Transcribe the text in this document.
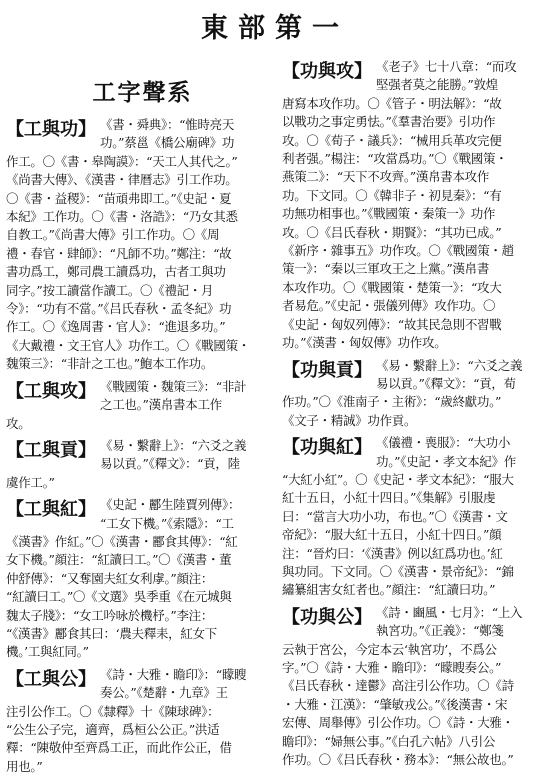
東部第一
工字聲系
【工與功】 《書・舜典》：“惟時亮天
功。”蔡邕《橋公廟碑》功
作工。〇《書・皋陶謨》：“天工人其代之。”
《尚書大傳》、《漢書・律曆志》引工作功。
〇《書・益稷》：“苗頑弗即工。”《史記・夏
本紀》工作功。〇《書・洛誥》：“乃女其悉
自教工。”《尚書大傳》引工作功。〇《周
禮・春官・肆師》：“凡師不功。”鄭注：“故
書功爲工，鄭司農工讀爲功，古者工與功
同字。”按工讀當作讀工。〇《禮記・月
令》：“功有不當。”《吕氏春秋・孟冬紀》功
作工。〇《逸周書・官人》：“進退多功。”
《大戴禮・文王官人》功作工。〇《戰國策・
魏策三》：“非計之工也。”鮑本工作功。
【工與攻】 《戰國策・魏策三》：“非計
之工也。”漢帛書本工作
攻。
【工與貢】 《易・繫辭上》：“六爻之義
易以貢。”《釋文》：“貢，陸
虞作工。”
【工與紅】 《史記・酈生陸賈列傳》：
“工女下機。”《索隱》：“工
《漢書》作紅。”〇《漢書・酈食其傳》：“紅
女下機。”顔注：“紅讀曰工。”〇《漢書・董
仲舒傳》：“又奪園夫紅女利虖。”顔注：
“紅讀曰工。”〇《文選》吳季重《在元城與
魏太子牋》：“女工吟咏於機杼。”李注：
“《漢書》酈食其曰：‘農夫釋耒，紅女下
機。’工與紅同。”
【工與公】 《詩・大雅・瞻印》：“矇瞍
奏公。”《楚辭・九章》王
注引公作工。〇《隸釋》十《陳球碑》：
“公生公子完，適齊，爲桓公公正。”洪适
釋：“陳敬仲至齊爲工正，而此作公正，借
用也。”
【功與攻】 《老子》七十八章：“而攻
堅强者莫之能勝。”敦煌
唐寫本攻作功。〇《管子・明法解》：“故
以戰功之事定勇怯。”《羣書治要》引功作
攻。〇《荀子・議兵》：“械用兵革攻完便
利者强。”楊注：“攻當爲功。”〇《戰國策・
燕策二》：“天下不攻齊。”漢帛書本攻作
功。下文同。〇《韓非子・初見秦》：“有
功無功相事也。”《戰國策・秦策一》功作
攻。〇《吕氏春秋・期賢》：“其功已成。”
《新序・雜事五》功作攻。〇《戰國策・趙
策一》：“秦以三軍攻王之上黨。”漢帛書
本攻作功。〇《戰國策・楚策一》：“攻大
者易危。”《史記・張儀列傳》攻作功。〇
《史記・匈奴列傳》：“故其民急則不習戰
功。”《漢書・匈奴傳》功作攻。
【功與貢】 《易・繫辭上》：“六爻之義
易以貢。”《釋文》：“貢，荀
作功。”〇《淮南子・主術》：“歲終獻功。”
《文子・精誠》功作貢。
【功與紅】 《儀禮・喪服》：“大功小
功。”《史記・孝文本紀》作
“大紅小紅”。〇《史記・孝文本紀》：“服大
紅十五日，小紅十四日。”《集解》引服虔
曰：“當言大功小功，布也。”〇《漢書・文
帝紀》：“服大紅十五日，小紅十四日。”顔
注：“晉灼曰：‘《漢書》例以紅爲功也。’紅
與功同。下文同。〇《漢書・景帝紀》：“錦
繡纂組害女紅者也。”顔注：“紅讀曰功。”
【功與公】 《詩・豳風・七月》：“上入
執宮功。”《正義》：“鄭箋
云執于宮公，今定本云‘執宮功’，不爲公
字。”〇《詩・大雅・瞻印》：“矇瞍奏公。”
《吕氏春秋・達鬱》高注引公作功。〇《詩
・大雅・江漢》：“肇敏戎公。”《後漢書・宋
宏傳、周舉傳》引公作功。〇《詩・大雅・
瞻印》：“婦無公事。”《白孔六帖》八引公
作功。〇《吕氏春秋・務本》：“無公故也。”
